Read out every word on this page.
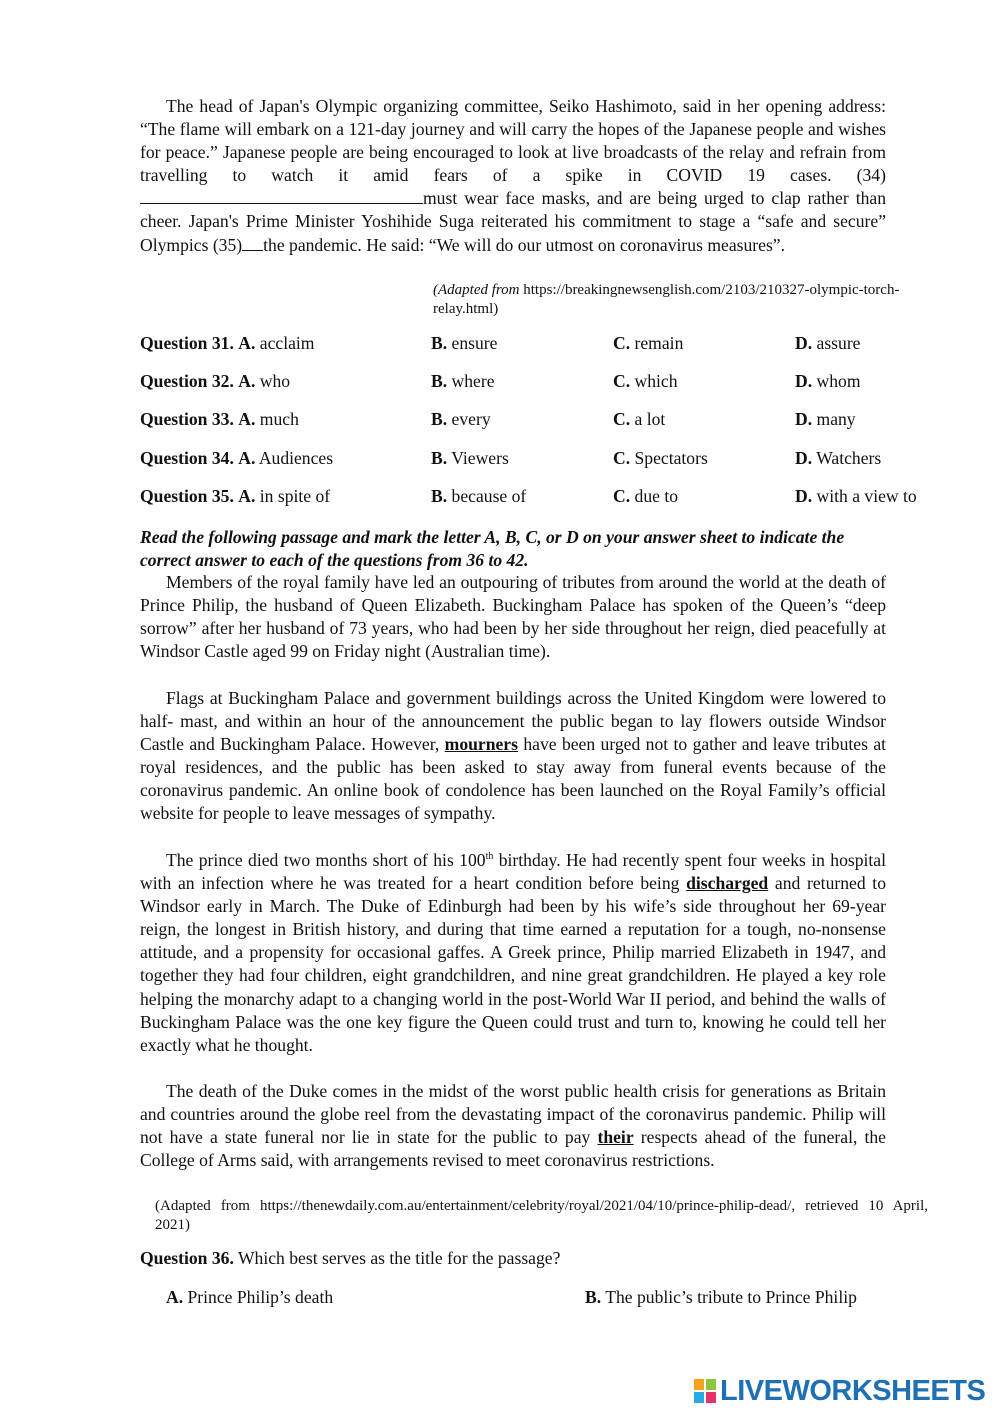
The head of Japan's Olympic organizing committee, Seiko Hashimoto, said in her opening address: “The flame will embark on a 121-day journey and will carry the hopes of the Japanese people and wishes for peace.” Japanese people are being encouraged to look at live broadcasts of the relay and refrain from travelling to watch it amid fears of a spike in COVID 19 cases. (34)must wear face masks, and are being urged to clap rather than cheer. Japan's Prime Minister Yoshihide Suga reiterated his commitment to stage a “safe and secure” Olympics (35) the pandemic. He said: “We will do our utmost on coronavirus measures”.

(Adapted from https://breakingnewsenglish.com/2103/210327-olympic-torch-relay.html)

Question 31. A. acclaim	B. ensure	C. remain	D. assure
Question 32. A. who	B. where	C. which	D. whom
Question 33. A. much	B. every	C. a lot	D. many
Question 34. A. Audiences	B. Viewers	C. Spectators	D. Watchers
Question 35. A. in spite of	B. because of	C. due to	D. with a view to

Read the following passage and mark the letter A, B, C, or D on your answer sheet to indicate the correct answer to each of the questions from 36 to 42.

Members of the royal family have led an outpouring of tributes from around the world at the death of Prince Philip, the husband of Queen Elizabeth. Buckingham Palace has spoken of the Queen’s “deep sorrow” after her husband of 73 years, who had been by her side throughout her reign, died peacefully at Windsor Castle aged 99 on Friday night (Australian time).

Flags at Buckingham Palace and government buildings across the United Kingdom were lowered to half- mast, and within an hour of the announcement the public began to lay flowers outside Windsor Castle and Buckingham Palace. However, mourners have been urged not to gather and leave tributes at royal residences, and the public has been asked to stay away from funeral events because of the coronavirus pandemic. An online book of condolence has been launched on the Royal Family’s official website for people to leave messages of sympathy.

The prince died two months short of his 100th birthday. He had recently spent four weeks in hospital with an infection where he was treated for a heart condition before being discharged and returned to Windsor early in March. The Duke of Edinburgh had been by his wife’s side throughout her 69-year reign, the longest in British history, and during that time earned a reputation for a tough, no-nonsense attitude, and a propensity for occasional gaffes. A Greek prince, Philip married Elizabeth in 1947, and together they had four children, eight grandchildren, and nine great grandchildren. He played a key role helping the monarchy adapt to a changing world in the post-World War II period, and behind the walls of Buckingham Palace was the one key figure the Queen could trust and turn to, knowing he could tell her exactly what he thought.

The death of the Duke comes in the midst of the worst public health crisis for generations as Britain and countries around the globe reel from the devastating impact of the coronavirus pandemic. Philip will not have a state funeral nor lie in state for the public to pay their respects ahead of the funeral, the College of Arms said, with arrangements revised to meet coronavirus restrictions.

(Adapted from https://thenewdaily.com.au/entertainment/celebrity/royal/2021/04/10/prince-philip-dead/, retrieved 10 April, 2021)

Question 36. Which best serves as the title for the passage?
A. Prince Philip’s death	B. The public’s tribute to Prince Philip
LIVEWORKSHEETS
